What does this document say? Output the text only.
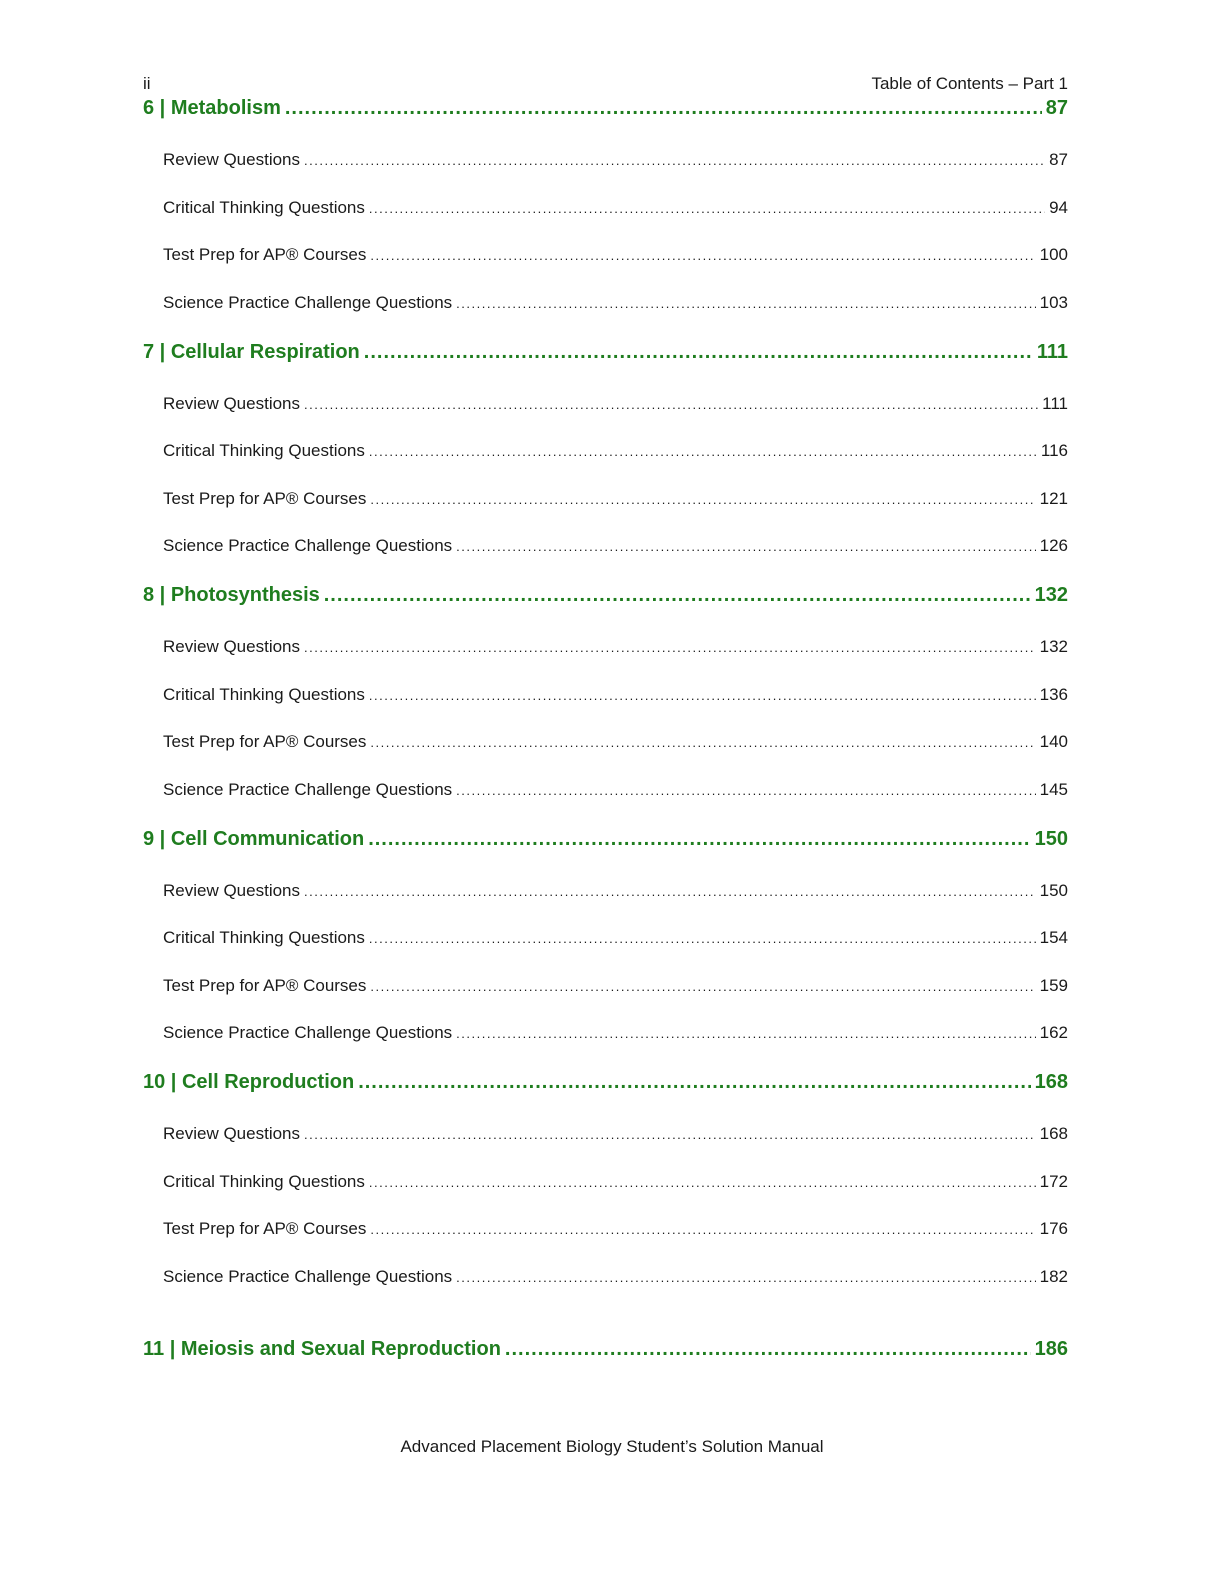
ii	Table of Contents – Part 1
6 | Metabolism .....	87
Review Questions .....	87
Critical Thinking Questions .....	94
Test Prep for AP® Courses .....	100
Science Practice Challenge Questions .....	103
7 | Cellular Respiration .....	111
Review Questions .....	111
Critical Thinking Questions .....	116
Test Prep for AP® Courses .....	121
Science Practice Challenge Questions .....	126
8 | Photosynthesis .....	132
Review Questions .....	132
Critical Thinking Questions .....	136
Test Prep for AP® Courses .....	140
Science Practice Challenge Questions .....	145
9 | Cell Communication .....	150
Review Questions .....	150
Critical Thinking Questions .....	154
Test Prep for AP® Courses .....	159
Science Practice Challenge Questions .....	162
10 | Cell Reproduction .....	168
Review Questions .....	168
Critical Thinking Questions .....	172
Test Prep for AP® Courses .....	176
Science Practice Challenge Questions .....	182
11 | Meiosis and Sexual Reproduction .....	186
Advanced Placement Biology Student’s Solution Manual
